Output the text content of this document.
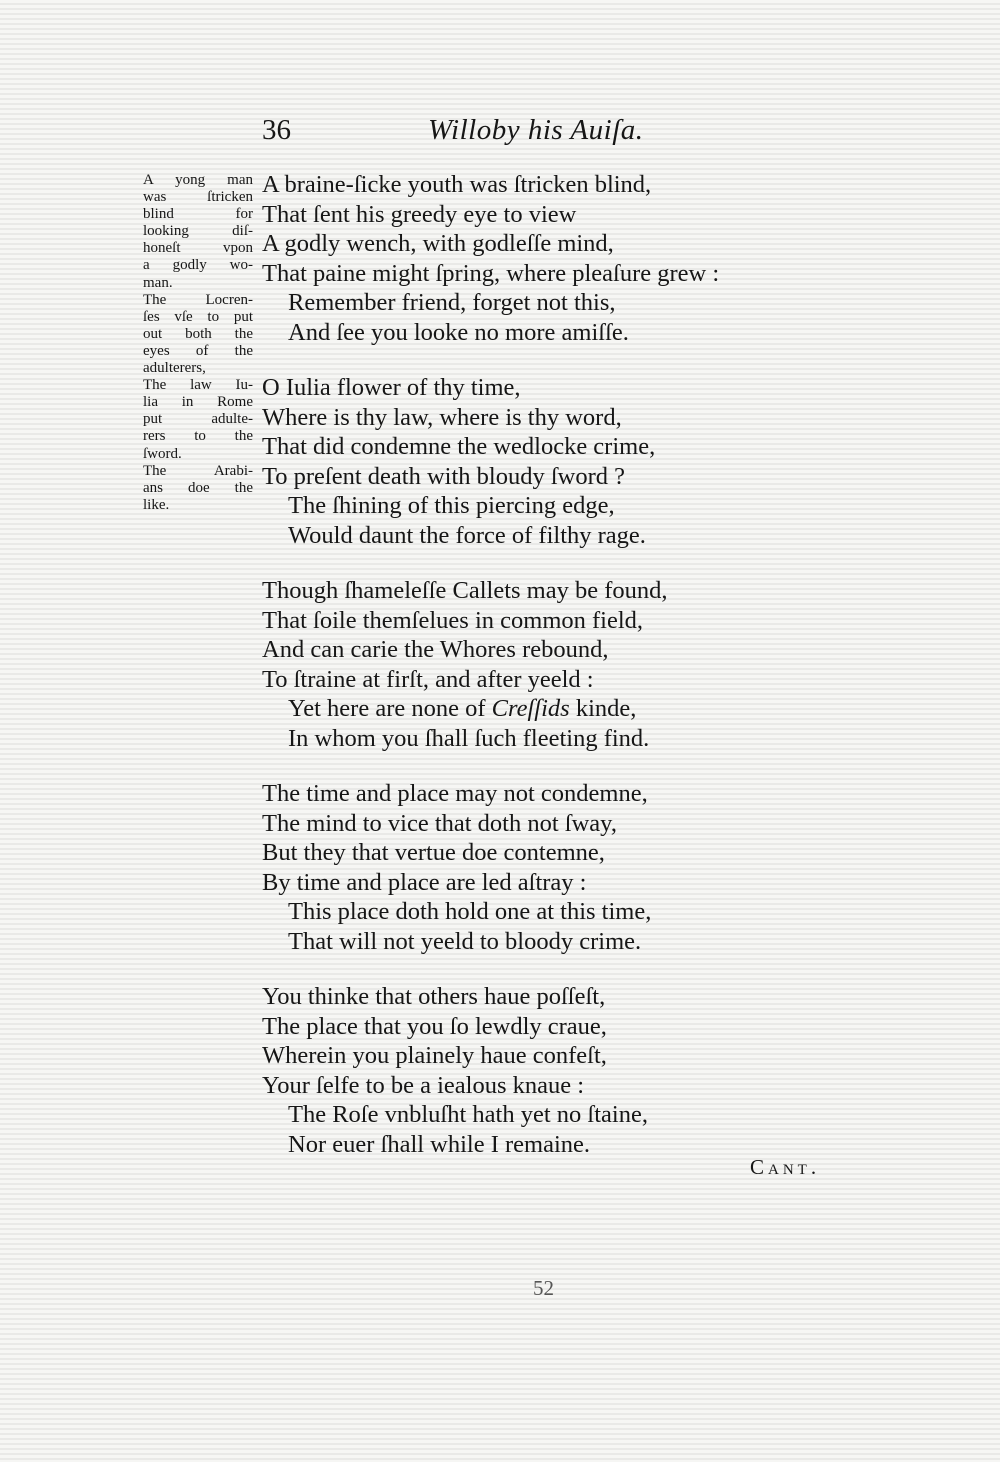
36	Willoby his Auiſa.
A yong man
was ſtricken
blind for
looking diſ-
honeſt vpon
a godly wo-
man.
The Locren-
ſes vſe to put
out both the
eyes of the
adulterers,
The law Iu-
lia in Rome
put adulte-
rers to the
ſword.
The Arabi-
ans doe the
like.
A braine-ſicke youth was ſtricken blind,
That ſent his greedy eye to view
A godly wench, with godleſſe mind,
That paine might ſpring, where pleaſure grew :
Remember friend, forget not this,
And ſee you looke no more amiſſe.
O Iulia flower of thy time,
Where is thy law, where is thy word,
That did condemne the wedlocke crime,
To preſent death with bloudy ſword ?
The ſhining of this piercing edge,
Would daunt the force of filthy rage.
Though ſhameleſſe Callets may be found,
That ſoile themſelues in common field,
And can carie the Whores rebound,
To ſtraine at firſt, and after yeeld :
Yet here are none of Creſſids kinde,
In whom you ſhall ſuch fleeting find.
The time and place may not condemne,
The mind to vice that doth not ſway,
But they that vertue doe contemne,
By time and place are led aſtray :
This place doth hold one at this time,
That will not yeeld to bloody crime.
You thinke that others haue poſſeſt,
The place that you ſo lewdly craue,
Wherein you plainely haue confeſt,
Your ſelfe to be a iealous knaue :
The Roſe vnbluſht hath yet no ſtaine,
Nor euer ſhall while I remaine.
Cant.
52
